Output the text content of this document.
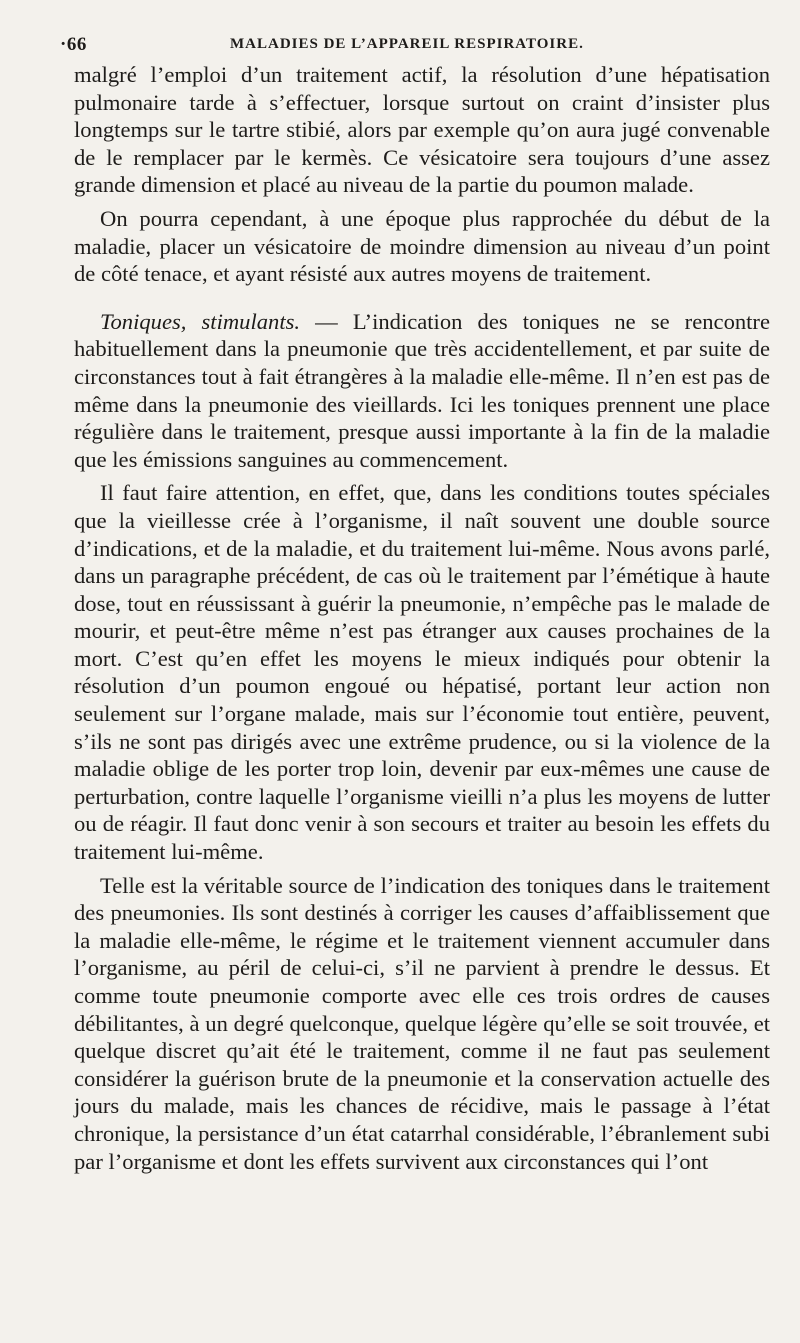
·66	MALADIES DE L’APPAREIL RESPIRATOIRE.

malgré l’emploi d’un traitement actif, la résolution d’une hépatisation pulmonaire tarde à s’effectuer, lorsque surtout on craint d’insister plus longtemps sur le tartre stibié, alors par exemple qu’on aura jugé convenable de le remplacer par le kermès. Ce vésicatoire sera toujours d’une assez grande dimension et placé au niveau de la partie du poumon malade.

On pourra cependant, à une époque plus rapprochée du début de la maladie, placer un vésicatoire de moindre dimension au niveau d’un point de côté tenace, et ayant résisté aux autres moyens de traitement.

Toniques, stimulants. — L’indication des toniques ne se rencontre habituellement dans la pneumonie que très accidentellement, et par suite de circonstances tout à fait étrangères à la maladie elle-même. Il n’en est pas de même dans la pneumonie des vieillards. Ici les toniques prennent une place régulière dans le traitement, presque aussi importante à la fin de la maladie que les émissions sanguines au commencement.

Il faut faire attention, en effet, que, dans les conditions toutes spéciales que la vieillesse crée à l’organisme, il naît souvent une double source d’indications, et de la maladie, et du traitement lui-même. Nous avons parlé, dans un paragraphe précédent, de cas où le traitement par l’émétique à haute dose, tout en réussissant à guérir la pneumonie, n’empêche pas le malade de mourir, et peut-être même n’est pas étranger aux causes prochaines de la mort. C’est qu’en effet les moyens le mieux indiqués pour obtenir la résolution d’un poumon engoué ou hépatisé, portant leur action non seulement sur l’organe malade, mais sur l’économie tout entière, peuvent, s’ils ne sont pas dirigés avec une extrême prudence, ou si la violence de la maladie oblige de les porter trop loin, devenir par eux-mêmes une cause de perturbation, contre laquelle l’organisme vieilli n’a plus les moyens de lutter ou de réagir. Il faut donc venir à son secours et traiter au besoin les effets du traitement lui-même.

Telle est la véritable source de l’indication des toniques dans le traitement des pneumonies. Ils sont destinés à corriger les causes d’affaiblissement que la maladie elle-même, le régime et le traitement viennent accumuler dans l’organisme, au péril de celui-ci, s’il ne parvient à prendre le dessus. Et comme toute pneumonie comporte avec elle ces trois ordres de causes débilitantes, à un degré quelconque, quelque légère qu’elle se soit trouvée, et quelque discret qu’ait été le traitement, comme il ne faut pas seulement considérer la guérison brute de la pneumonie et la conservation actuelle des jours du malade, mais les chances de récidive, mais le passage à l’état chronique, la persistance d’un état catarrhal considérable, l’ébranlement subi par l’organisme et dont les effets survivent aux circonstances qui l’ont
